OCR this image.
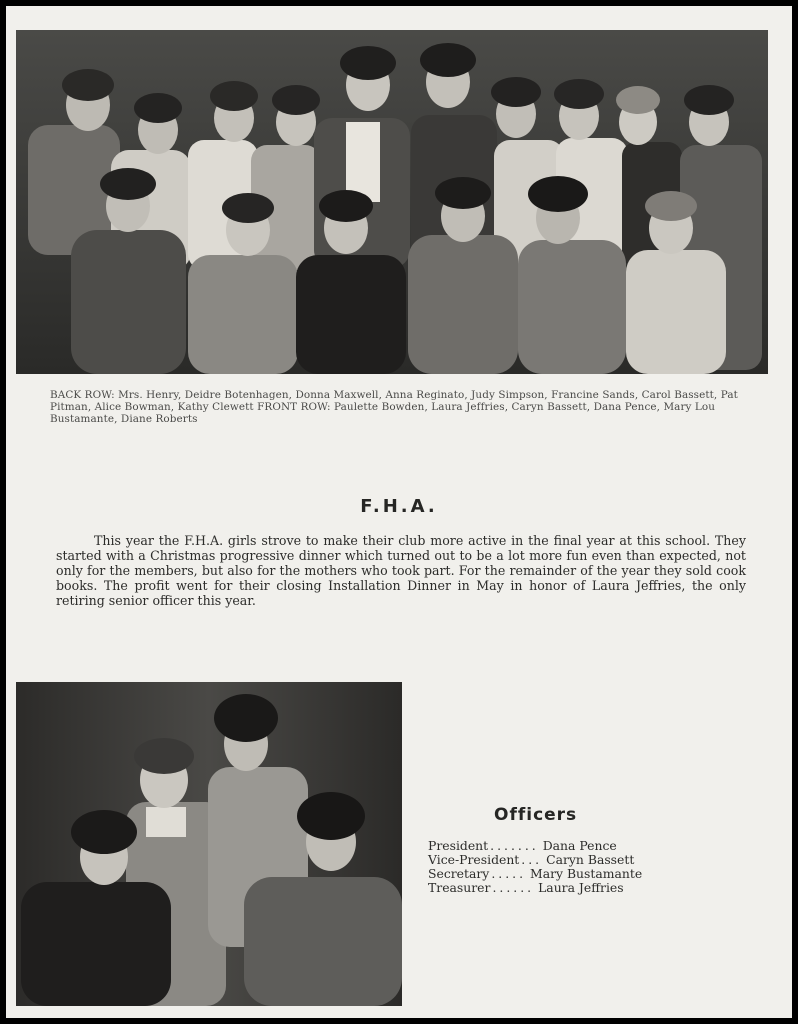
BACK ROW: Mrs. Henry, Deidre Botenhagen, Donna Maxwell, Anna Reginato, Judy Simpson, Francine Sands, Carol Bassett, Pat Pitman, Alice Bowman, Kathy Clewett FRONT ROW: Paulette Bowden, Laura Jeffries, Caryn Bassett, Dana Pence, Mary Lou Bustamante, Diane Roberts
F.H.A.
This year the F.H.A. girls strove to make their club more active in the final year at this school. They started with a Christmas progressive dinner which turned out to be a lot more fun even than expected, not only for the members, but also for the mothers who took part. For the remainder of the year they sold cook books. The profit went for their closing Installation Dinner in May in honor of Laura Jeffries, the only retiring senior officer this year.
Officers
President ....... Dana Pence
Vice-President ... Caryn Bassett
Secretary ..... Mary Bustamante
Treasurer ...... Laura Jeffries
